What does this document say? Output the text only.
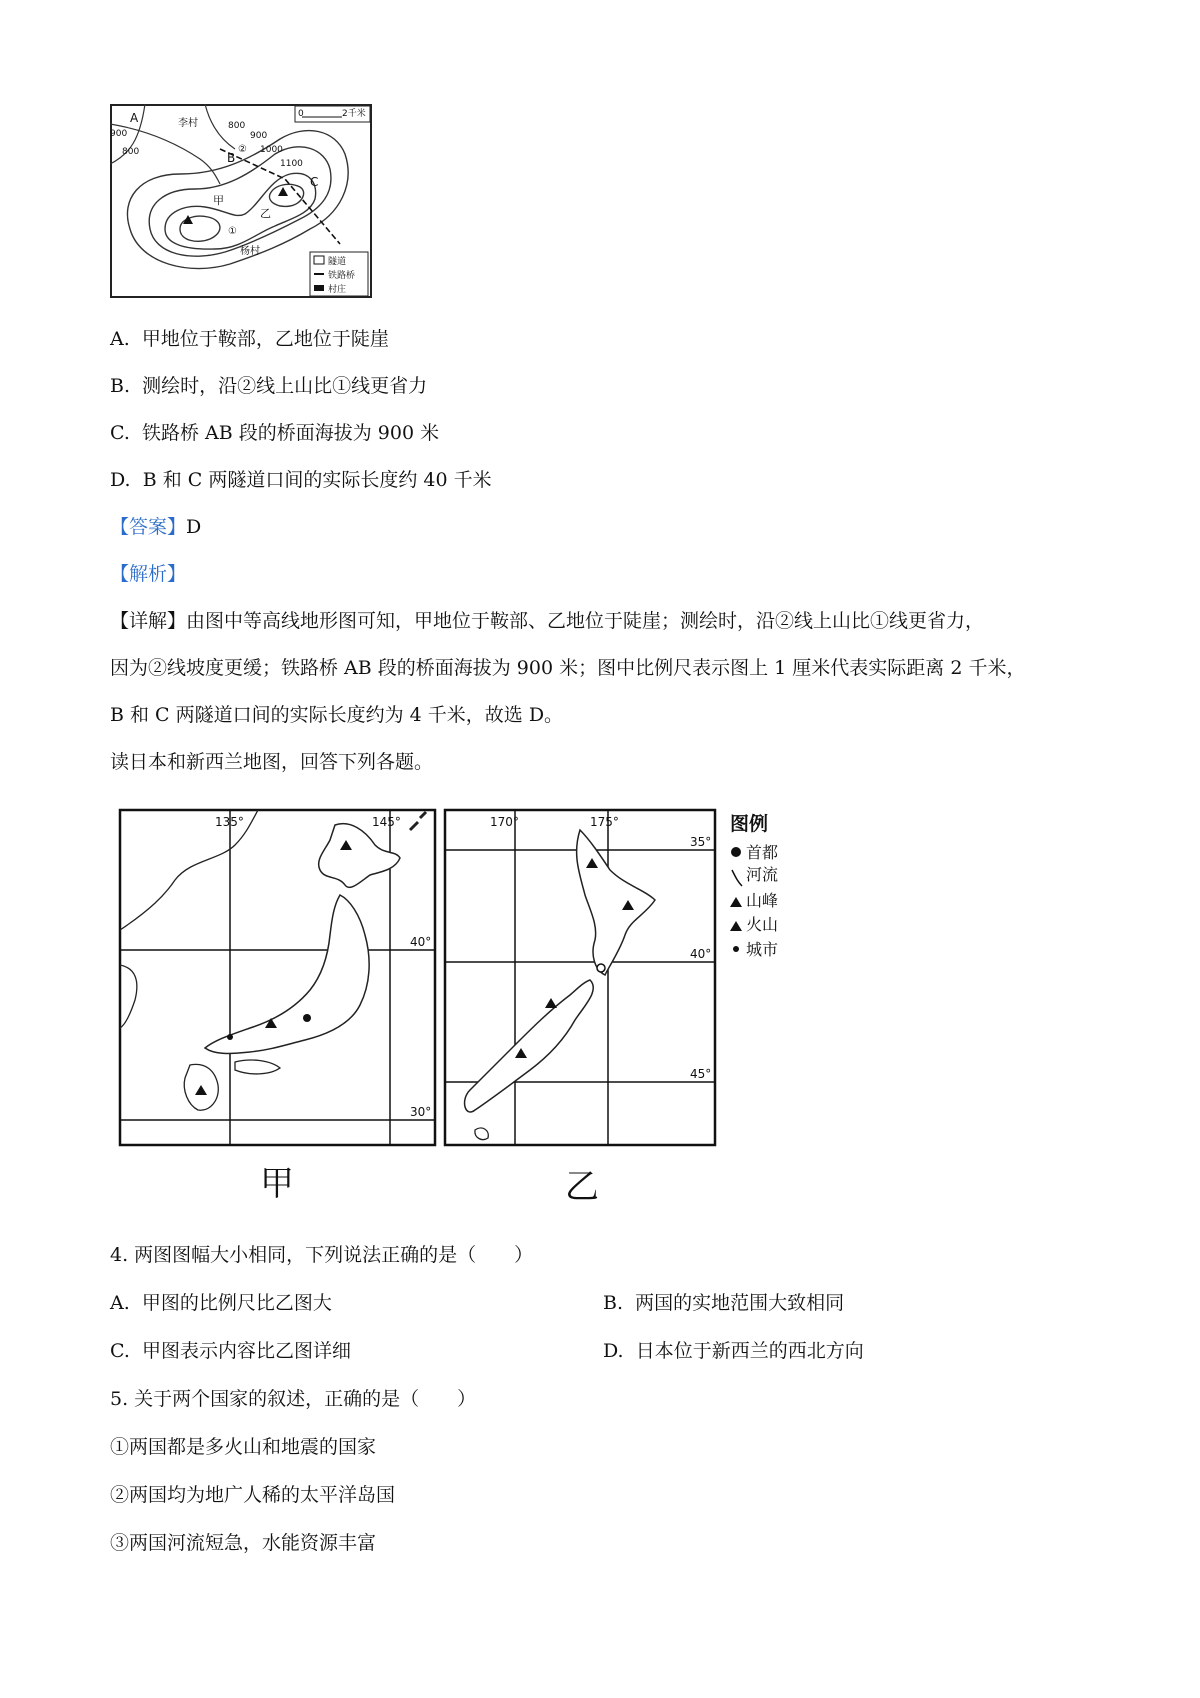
A
B
C
甲
乙
李村
杨村
①
②
800
800
900	900
1000
1100
0	2千米
隧道
铁路桥
村庄
A. 甲地位于鞍部，乙地位于陡崖
B. 测绘时，沿②线上山比①线更省力
C. 铁路桥 AB 段的桥面海拔为 900 米
D. B 和 C 两隧道口间的实际长度约 40 千米
【答案】D
【解析】
【详解】由图中等高线地形图可知，甲地位于鞍部、乙地位于陡崖；测绘时，沿②线上山比①线更省力，
因为②线坡度更缓；铁路桥 AB 段的桥面海拔为 900 米；图中比例尺表示图上 1 厘米代表实际距离 2 千米，
B 和 C 两隧道口间的实际长度约为 4 千米，故选 D。
读日本和新西兰地图，回答下列各题。
135°	145°
40°
30°
甲
170°	175°
35°
40°
45°
乙
图例
首都
河流
山峰
火山
城市
4. 两图图幅大小相同，下列说法正确的是（　　）
A. 甲图的比例尺比乙图大	B. 两国的实地范围大致相同
C. 甲图表示内容比乙图详细	D. 日本位于新西兰的西北方向
5. 关于两个国家的叙述，正确的是（　　）
①两国都是多火山和地震的国家
②两国均为地广人稀的太平洋岛国
③两国河流短急，水能资源丰富
